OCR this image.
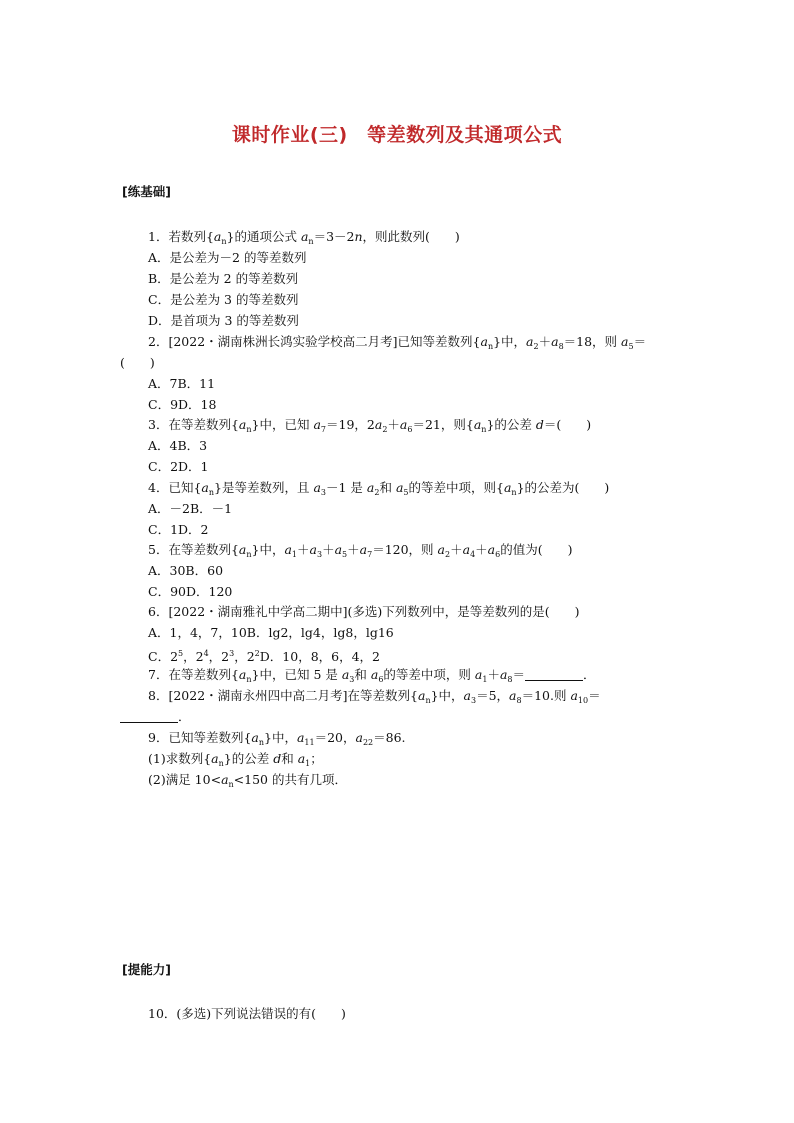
课时作业(三)　等差数列及其通项公式
[练基础]
1．若数列$\{a_n\}$的通项公式 $a_n=3-2n$，则此数列(　　)
A．是公差为－2 的等差数列
B．是公差为 2 的等差数列
C．是公差为 3 的等差数列
D．是首项为 3 的等差数列
2．[2022・湖南株洲长鸿实验学校高二月考]已知等差数列$\{a_n\}$中，$a_2+a_8=18$，则 $a_5=$
(　　)
A．7B．11
C．9D．18
3．在等差数列$\{a_n\}$中，已知 $a_7=19$，$2a_2+a_6=21$，则$\{a_n\}$的公差 d＝(　　)
A．4B．3
C．2D．1
4．已知$\{a_n\}$是等差数列，且 $a_3-1$ 是 $a_2$和 $a_5$的等差中项，则$\{a_n\}$的公差为(　　)
A．－2B．－1
C．1D．2
5．在等差数列$\{a_n\}$中，$a_1+a_3+a_5+a_7=120$，则 $a_2+a_4+a_6$的值为(　　)
A．30B．60
C．90D．120
6．[2022・湖南雅礼中学高二期中](多选)下列数列中，是等差数列的是(　　)
A．1，4，7，10B．lg2，lg4，lg8，lg16
C．$2^5$，$2^4$，$2^3$，$2^2D$．10，8，6，4，2
7．在等差数列$\{a_n\}$中，已知 5 是 $a_3$和 $a_6$的等差中项，则 $a_1+a_8=$	．
8．[2022・湖南永州四中高二月考]在等差数列$\{a_n\}$中，$a_3=5$，$a_8=10$.则 $a_{10}=$
．
9．已知等差数列$\{a_n\}$中，$a_{11}=20$，$a_{22}=86$.
(1)求数列$\{a_n\}$的公差 d和 $a_1$；
(2)满足 $10<a_n<150$ 的共有几项．
[提能力]
10．(多选)下列说法错误的有(　　)
